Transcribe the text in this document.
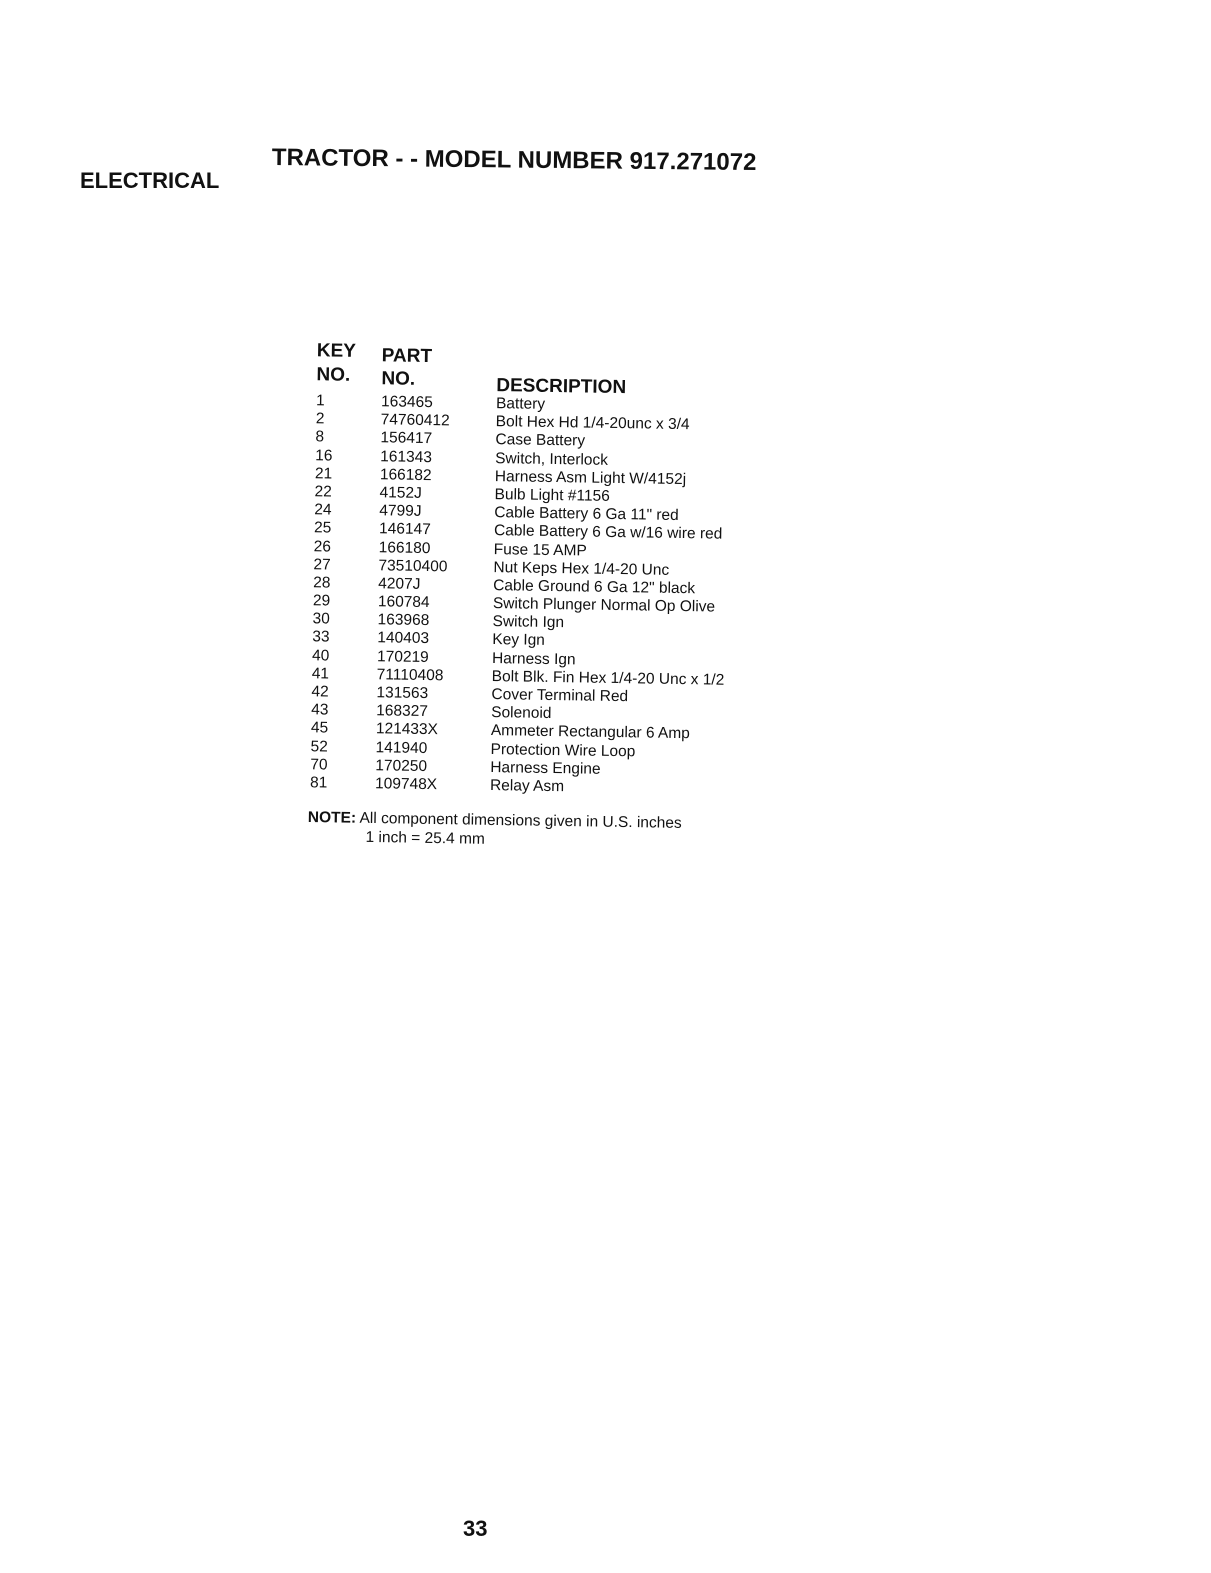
ELECTRICAL
TRACTOR - - MODEL NUMBER 917.271072
KEY
NO.
PART
NO.	DESCRIPTION
1	163465	Battery
2	74760412	Bolt Hex Hd 1/4-20unc x 3/4
8	156417	Case Battery
16	161343	Switch, Interlock
21	166182	Harness Asm Light W/4152j
22	4152J	Bulb Light #1156
24	4799J	Cable Battery 6 Ga 11" red
25	146147	Cable Battery 6 Ga w/16 wire red
26	166180	Fuse 15 AMP
27	73510400	Nut Keps Hex 1/4-20 Unc
28	4207J	Cable Ground 6 Ga 12" black
29	160784	Switch Plunger Normal Op Olive
30	163968	Switch Ign
33	140403	Key Ign
40	170219	Harness Ign
41	71110408	Bolt Blk. Fin Hex 1/4-20 Unc x 1/2
42	131563	Cover Terminal Red
43	168327	Solenoid
45	121433X	Ammeter Rectangular 6 Amp
52	141940	Protection Wire Loop
70	170250	Harness Engine
81	109748X	Relay Asm
NOTE: All component dimensions given in U.S. inches
1 inch = 25.4 mm
33
